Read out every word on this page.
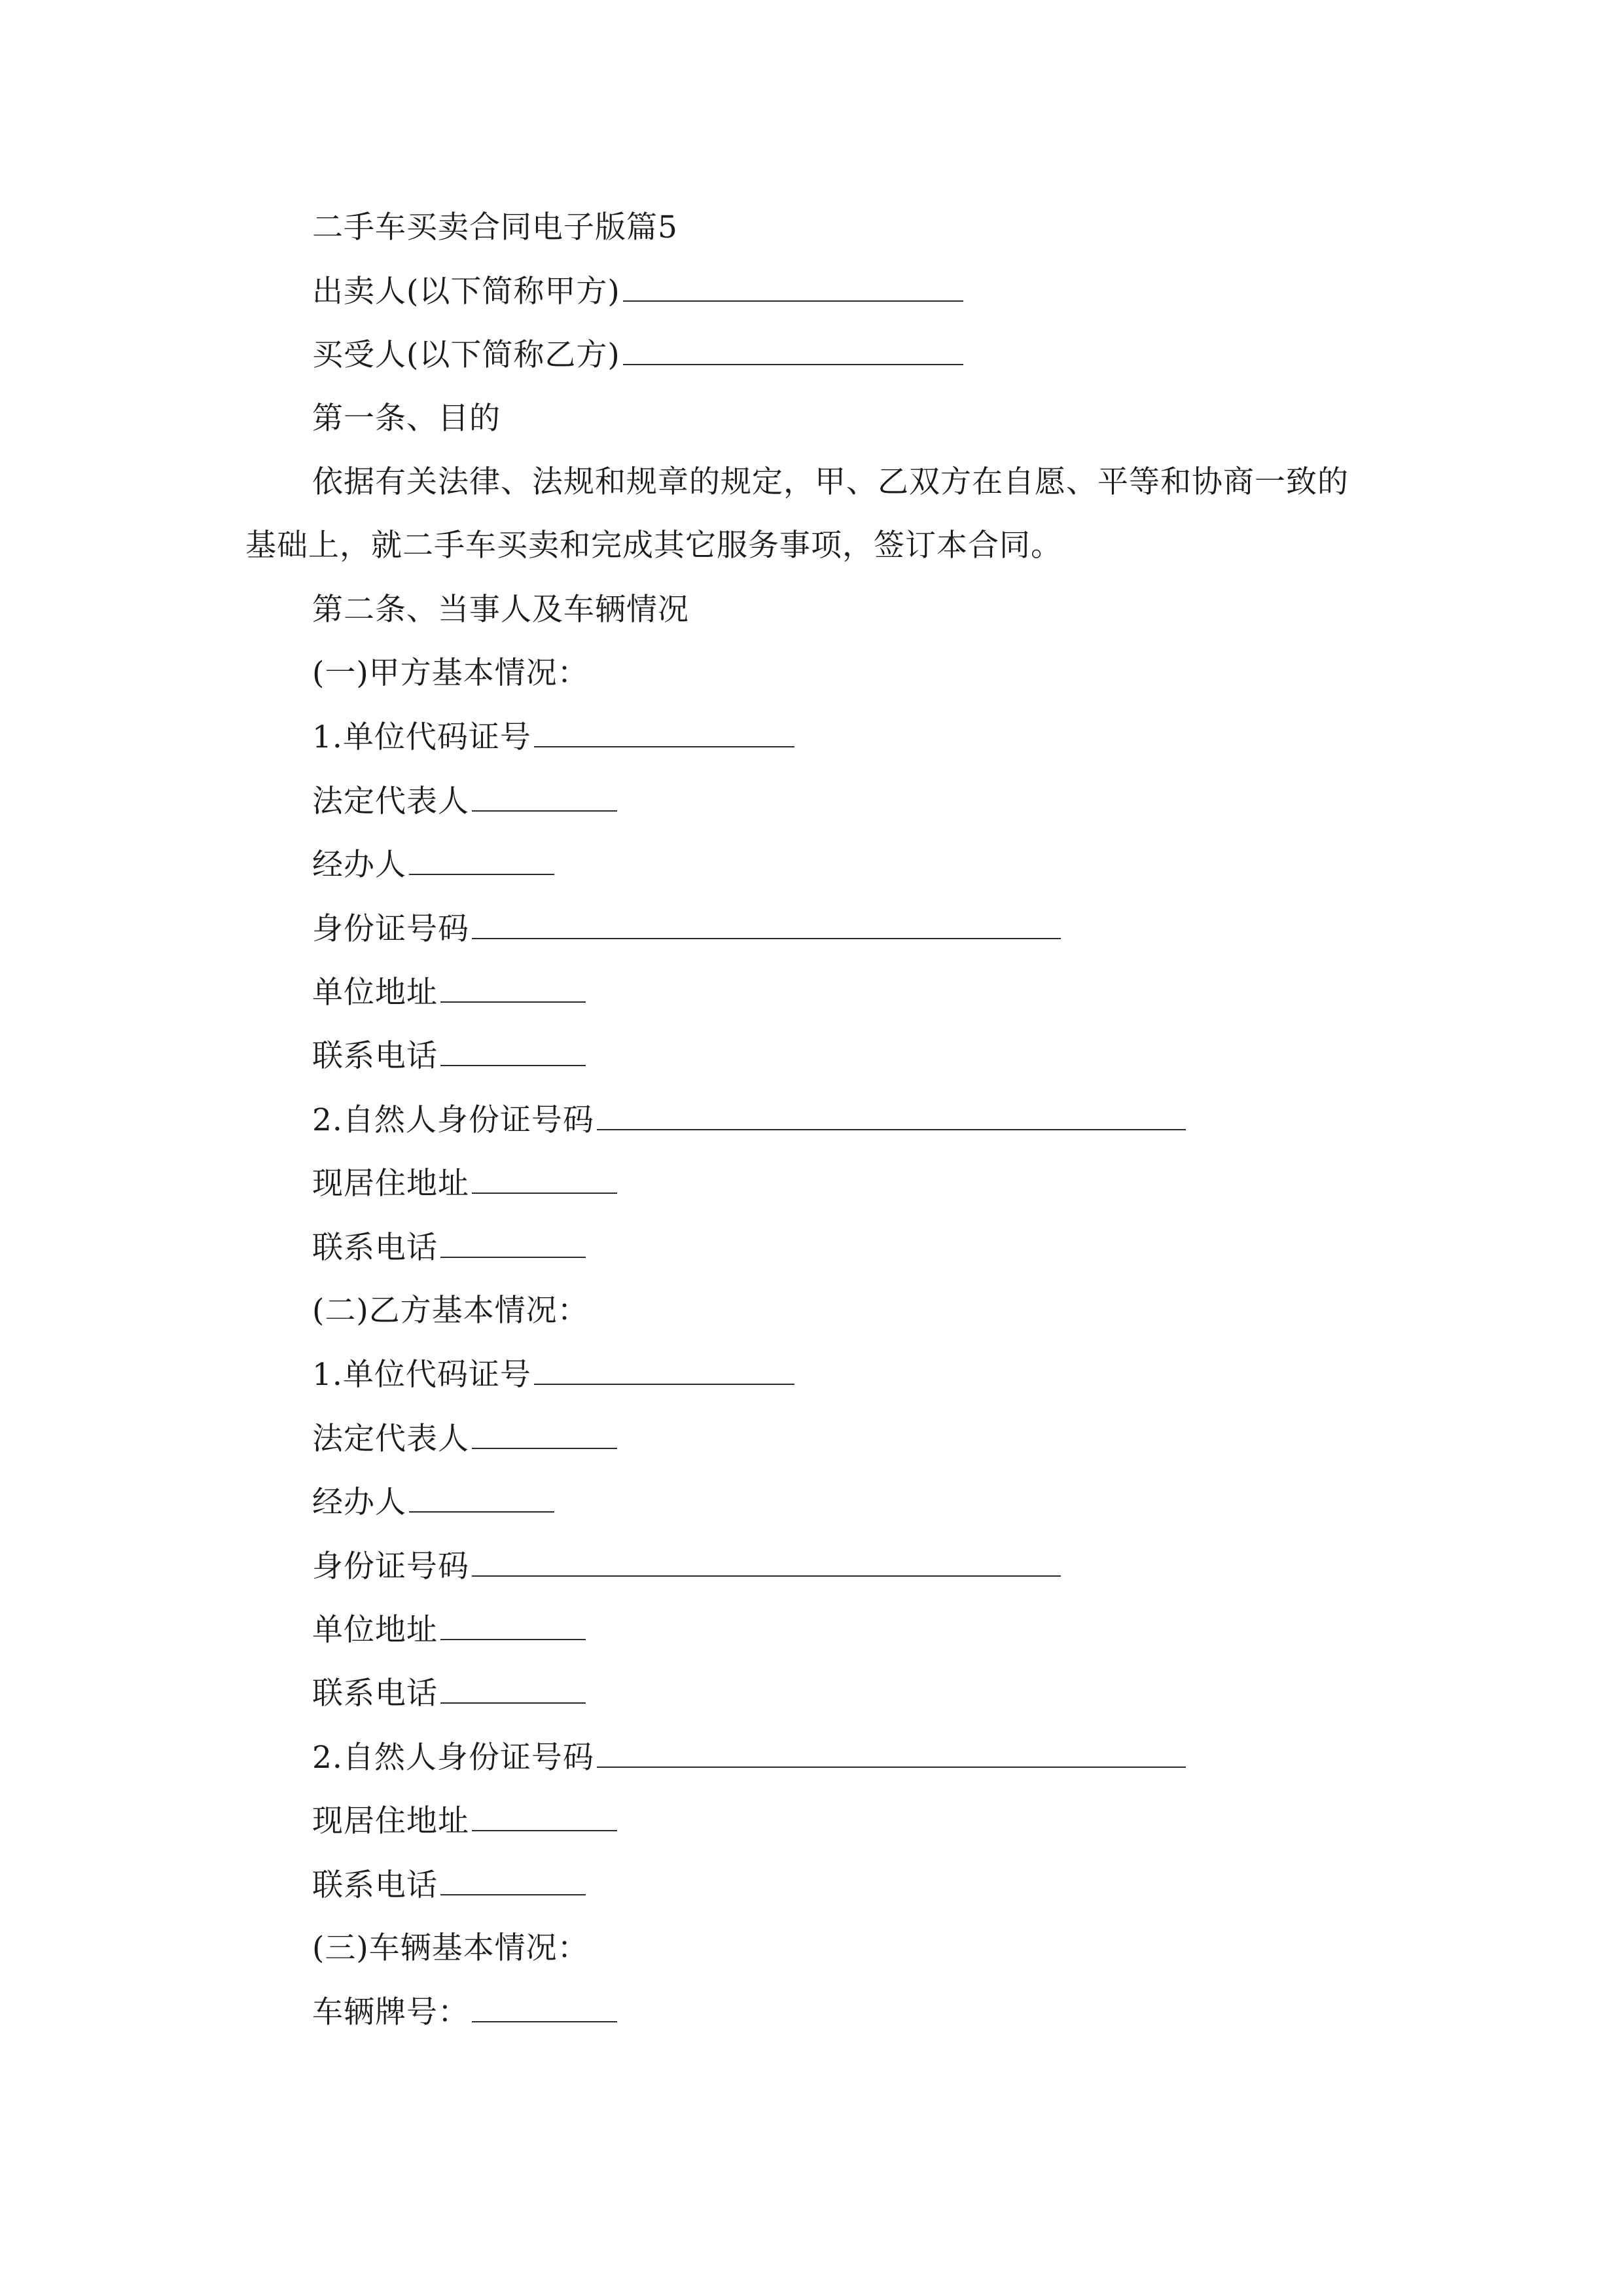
二手车买卖合同电子版篇5
出卖人(以下简称甲方)
买受人(以下简称乙方)
第一条、目的
依据有关法律、法规和规章的规定，甲、乙双方在自愿、平等和协商一致的
基础上，就二手车买卖和完成其它服务事项，签订本合同。
第二条、当事人及车辆情况
(一)甲方基本情况：
1.单位代码证号
法定代表人
经办人
身份证号码
单位地址
联系电话
2.自然人身份证号码
现居住地址
联系电话
(二)乙方基本情况：
1.单位代码证号
法定代表人
经办人
身份证号码
单位地址
联系电话
2.自然人身份证号码
现居住地址
联系电话
(三)车辆基本情况：
车辆牌号：
